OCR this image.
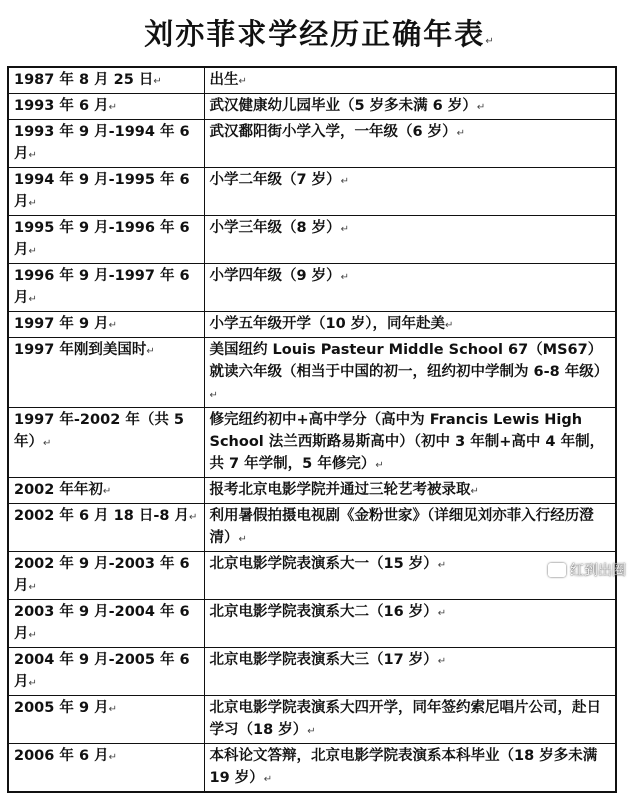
刘亦菲求学经历正确年表↵
1987 年 8 月 25 日↵	出生↵
1993 年 6 月↵	武汉健康幼儿园毕业（5 岁多未满 6 岁）↵
1993 年 9 月-1994 年 6 月↵	武汉鄱阳街小学入学，一年级（6 岁）↵
1994 年 9 月-1995 年 6 月↵	小学二年级（7 岁）↵
1995 年 9 月-1996 年 6 月↵	小学三年级（8 岁）↵
1996 年 9 月-1997 年 6 月↵	小学四年级（9 岁）↵
1997 年 9 月↵	小学五年级开学（10 岁），同年赴美↵
1997 年刚到美国时↵	美国纽约 Louis Pasteur Middle School 67（MS67）就读六年级（相当于中国的初一，纽约初中学制为 6-8 年级）↵
1997 年-2002 年（共 5 年）↵	修完纽约初中+高中学分（高中为 Francis Lewis High School 法兰西斯路易斯高中）（初中 3 年制+高中 4 年制，共 7 年学制，5 年修完）↵
2002 年年初↵	报考北京电影学院并通过三轮艺考被录取↵
2002 年 6 月 18 日-8 月↵	利用暑假拍摄电视剧《金粉世家》（详细见刘亦菲入行经历澄清）↵
2002 年 9 月-2003 年 6 月↵	北京电影学院表演系大一（15 岁）↵
2003 年 9 月-2004 年 6 月↵	北京电影学院表演系大二（16 岁）↵
2004 年 9 月-2005 年 6 月↵	北京电影学院表演系大三（17 岁）↵
2005 年 9 月↵	北京电影学院表演系大四开学，同年签约索尼唱片公司，赴日学习（18 岁）↵
2006 年 6 月↵	本科论文答辩，北京电影学院表演系本科毕业（18 岁多未满 19 岁）↵
红到出圈
